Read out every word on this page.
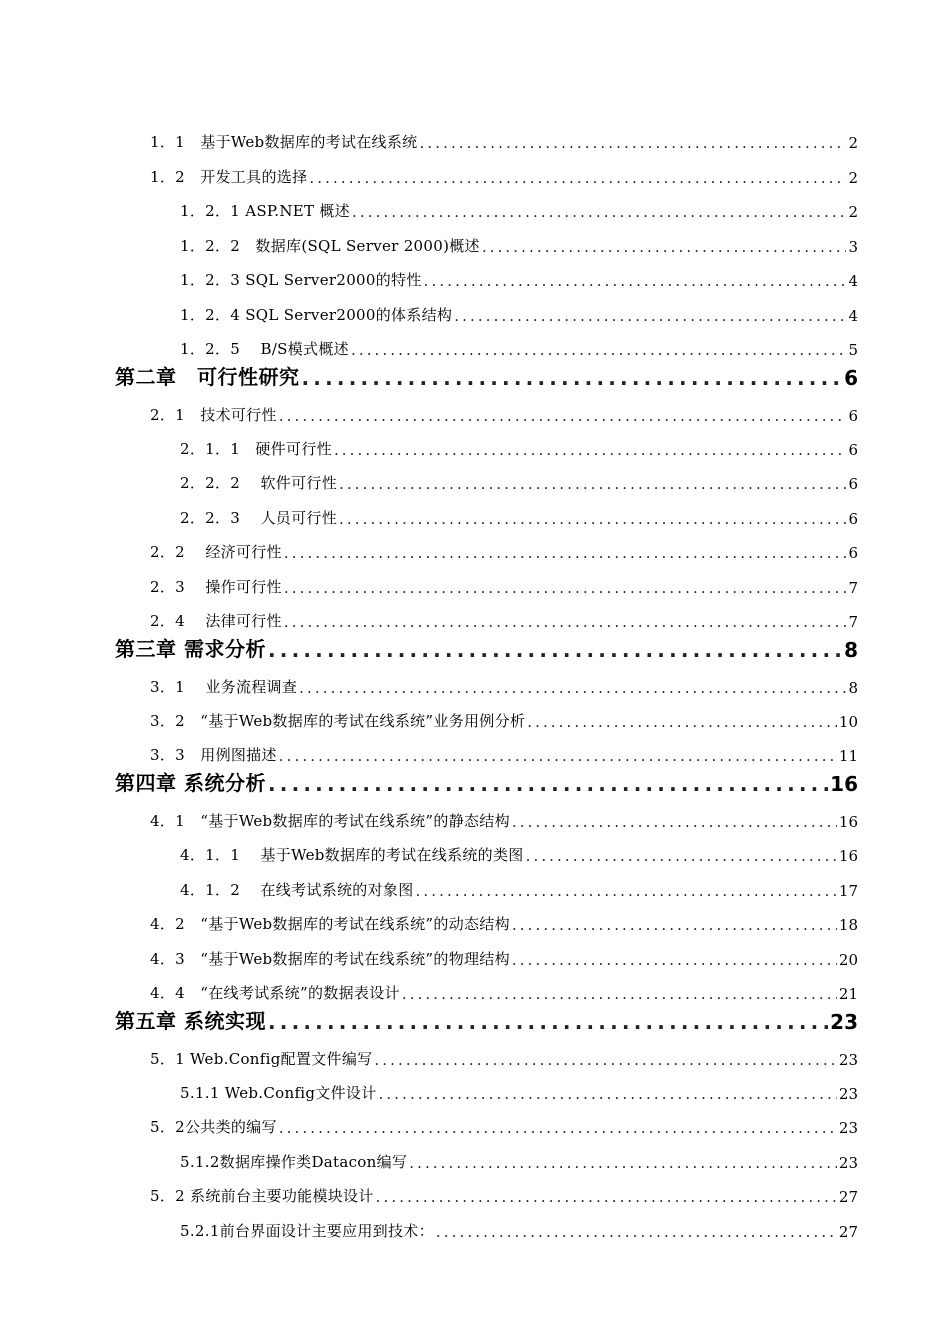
1．1　基于Web数据库的考试在线系统 .....	2
1．2　开发工具的选择 .....	2
1．2．1 ASP.NET 概述 .....	2
1．2．2　数据库(SQL Server 2000)概述 .....	3
1．2．3 SQL Server2000的特性 .....	4
1．2．4 SQL Server2000的体系结构 .....	4
1．2．5　 B/S模式概述 .....	5
第二章　可行性研究 .....	6
2．1　技术可行性 .....	6
2．1．1　硬件可行性 .....	6
2．2．2　 软件可行性 .....	6
2．2．3　 人员可行性 .....	6
2．2　 经济可行性 .....	6
2．3　 操作可行性 .....	7
2．4　 法律可行性 .....	7
第三章 需求分析 .....	8
3．1　 业务流程调查 .....	8
3．2　“基于Web数据库的考试在线系统”业务用例分析 .....	10
3．3　用例图描述 .....	11
第四章 系统分析 .....	16
4．1　“基于Web数据库的考试在线系统”的静态结构 .....	16
4．1．1　 基于Web数据库的考试在线系统的类图 .....	16
4．1．2　 在线考试系统的对象图 .....	17
4．2　“基于Web数据库的考试在线系统”的动态结构 .....	18
4．3　“基于Web数据库的考试在线系统”的物理结构 .....	20
4．4　“在线考试系统”的数据表设计 .....	21
第五章 系统实现 .....	23
5．1 Web.Config配置文件编写 .....	23
5.1.1 Web.Config文件设计 .....	23
5．2公共类的编写 .....	23
5.1.2数据库操作类Datacon编写 .....	23
5．2 系统前台主要功能模块设计 .....	27
5.2.1前台界面设计主要应用到技术： .....	27
